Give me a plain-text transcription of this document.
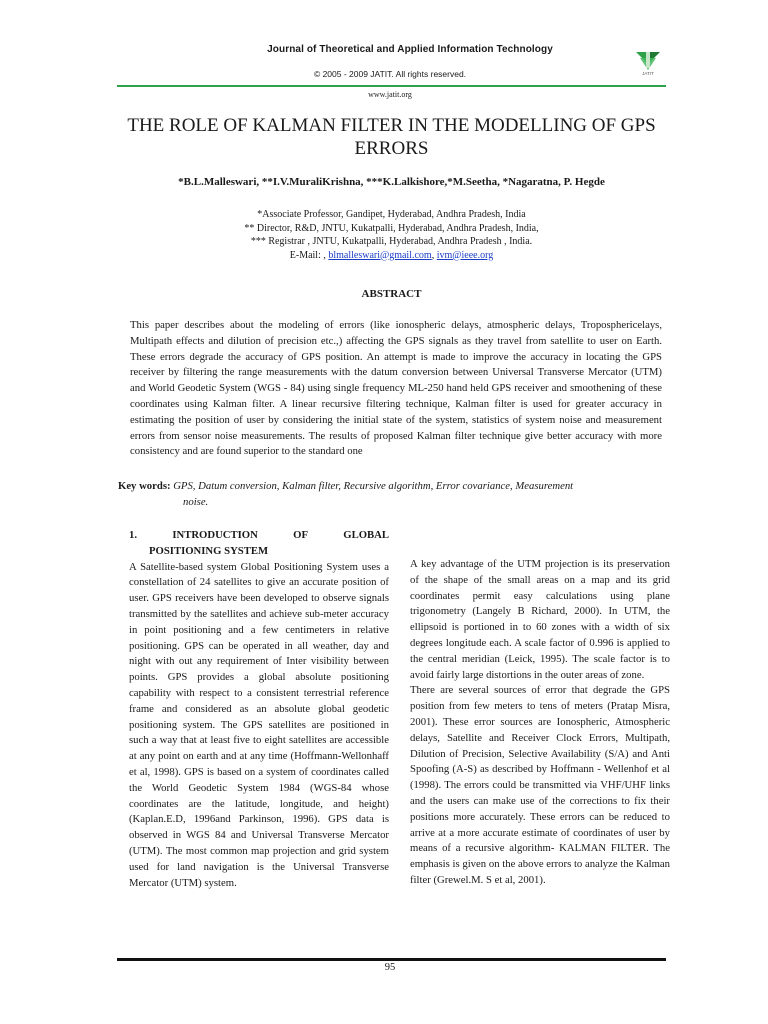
Journal of Theoretical and Applied Information Technology
© 2005 - 2009 JATIT. All rights reserved.	JATIT
www.jatit.org
THE ROLE OF KALMAN FILTER IN THE MODELLING OF GPS ERRORS
*B.L.Malleswari, **I.V.MuraliKrishna, ***K.Lalkishore,*M.Seetha, *Nagaratna, P. Hegde
*Associate Professor, Gandipet, Hyderabad, Andhra Pradesh, India
** Director, R&D, JNTU, Kukatpalli, Hyderabad, Andhra Pradesh, India,
*** Registrar , JNTU, Kukatpalli, Hyderabad, Andhra Pradesh , India.
E-Mail: , blmalleswari@gmail.com, ivm@ieee.org
ABSTRACT

This paper describes about the modeling of errors (like ionospheric delays, atmospheric delays, Troposphericelays, Multipath effects and dilution of precision etc.,) affecting the GPS signals as they travel from satellite to user on Earth. These errors degrade the accuracy of GPS position. An attempt is made to improve the accuracy in locating the GPS receiver by filtering the range measurements with the datum conversion between Universal Transverse Mercator (UTM) and World Geodetic System (WGS - 84) using single frequency ML-250 hand held GPS receiver and smoothening of these coordinates using Kalman filter. A linear recursive filtering technique, Kalman filter is used for greater accuracy in estimating the position of user by considering the initial state of the system, statistics of system noise and measurement errors from sensor noise measurements. The results of proposed Kalman filter technique give better accuracy with more consistency and are found superior to the standard one

Key words: GPS, Datum conversion, Kalman filter, Recursive algorithm, Error covariance, Measurement
noise.
1.	INTRODUCTION	OF	GLOBAL
POSITIONING SYSTEM

A Satellite-based system Global Positioning System uses a constellation of 24 satellites to give an accurate position of user. GPS receivers have been developed to observe signals transmitted by the satellites and achieve sub-meter accuracy in point positioning and a few centimeters in relative positioning. GPS can be operated in all weather, day and night with out any requirement of Inter visibility between points. GPS provides a global absolute positioning capability with respect to a consistent terrestrial reference frame and considered as an absolute global geodetic positioning system. The GPS satellites are positioned in such a way that at least five to eight satellites are accessible at any point on earth and at any time (Hoffmann-Wellonhaff et al, 1998). GPS is based on a system of coordinates called the World Geodetic System 1984 (WGS-84 whose coordinates are the latitude, longitude, and height) (Kaplan.E.D, 1996and Parkinson, 1996). GPS data is observed in WGS 84 and Universal Transverse Mercator (UTM). The most common map projection and grid system used for land navigation is the Universal Transverse Mercator (UTM) system.

A key advantage of the UTM projection is its preservation of the shape of the small areas on a map and its grid coordinates permit easy calculations using plane trigonometry (Langely B Richard, 2000). In UTM, the ellipsoid is portioned in to 60 zones with a width of six degrees longitude each. A scale factor of 0.996 is applied to the central meridian (Leick, 1995). The scale factor is to avoid fairly large distortions in the outer areas of zone.

There are several sources of error that degrade the GPS position from few meters to tens of meters (Pratap Misra, 2001). These error sources are Ionospheric, Atmospheric delays, Satellite and Receiver Clock Errors, Multipath, Dilution of Precision, Selective Availability (S/A) and Anti Spoofing (A-S) as described by Hoffmann - Wellenhof et al (1998). The errors could be transmitted via VHF/UHF links and the users can make use of the corrections to fix their positions more accurately. These errors can be reduced to arrive at a more accurate estimate of coordinates of user by means of a recursive algorithm- KALMAN FILTER. The emphasis is given on the above errors to analyze the Kalman filter (Grewel.M. S et al, 2001).

95
